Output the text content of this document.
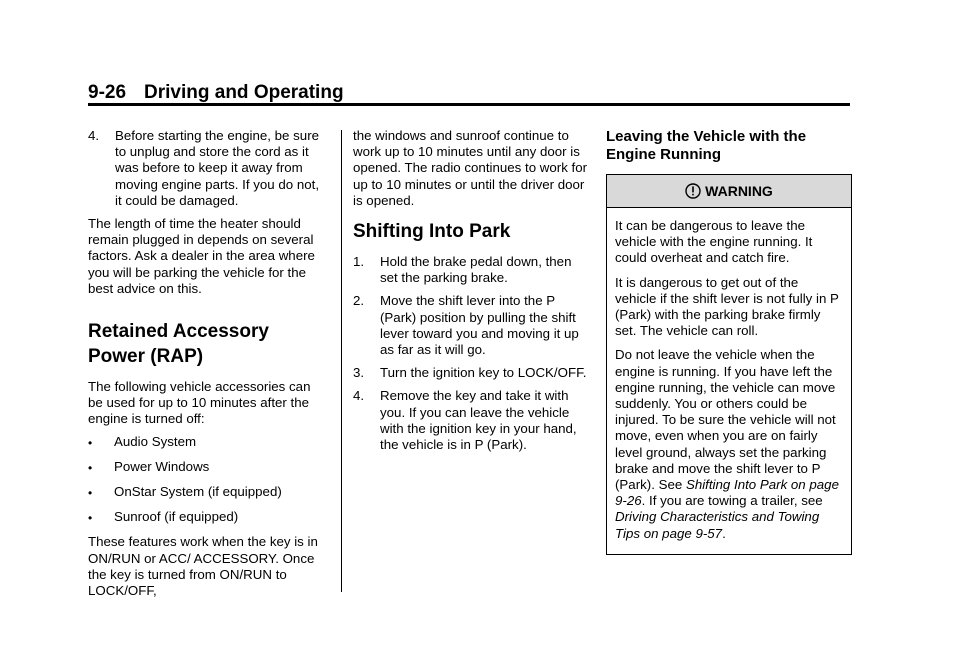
9-26 Driving and Operating
4. Before starting the engine, be sure to unplug and store the cord as it was before to keep it away from moving engine parts. If you do not, it could be damaged.

The length of time the heater should remain plugged in depends on several factors. Ask a dealer in the area where you will be parking the vehicle for the best advice on this.

Retained Accessory Power (RAP)

The following vehicle accessories can be used for up to 10 minutes after the engine is turned off:

• Audio System
• Power Windows
• OnStar System (if equipped)
• Sunroof (if equipped)

These features work when the key is in ON/RUN or ACC/ ACCESSORY. Once the key is turned from ON/RUN to LOCK/OFF,

the windows and sunroof continue to work up to 10 minutes until any door is opened. The radio continues to work for up to 10 minutes or until the driver door is opened.

Shifting Into Park
1. Hold the brake pedal down, then set the parking brake.
2. Move the shift lever into the P (Park) position by pulling the shift lever toward you and moving it up as far as it will go.
3. Turn the ignition key to LOCK/OFF.
4. Remove the key and take it with you. If you can leave the vehicle with the ignition key in your hand, the vehicle is in P (Park).
Leaving the Vehicle with the Engine Running
WARNING

It can be dangerous to leave the vehicle with the engine running. It could overheat and catch fire.

It is dangerous to get out of the vehicle if the shift lever is not fully in P (Park) with the parking brake firmly set. The vehicle can roll.

Do not leave the vehicle when the engine is running. If you have left the engine running, the vehicle can move suddenly. You or others could be injured. To be sure the vehicle will not move, even when you are on fairly level ground, always set the parking brake and move the shift lever to P (Park). See Shifting Into Park on page 9-26. If you are towing a trailer, see Driving Characteristics and Towing Tips on page 9-57.
